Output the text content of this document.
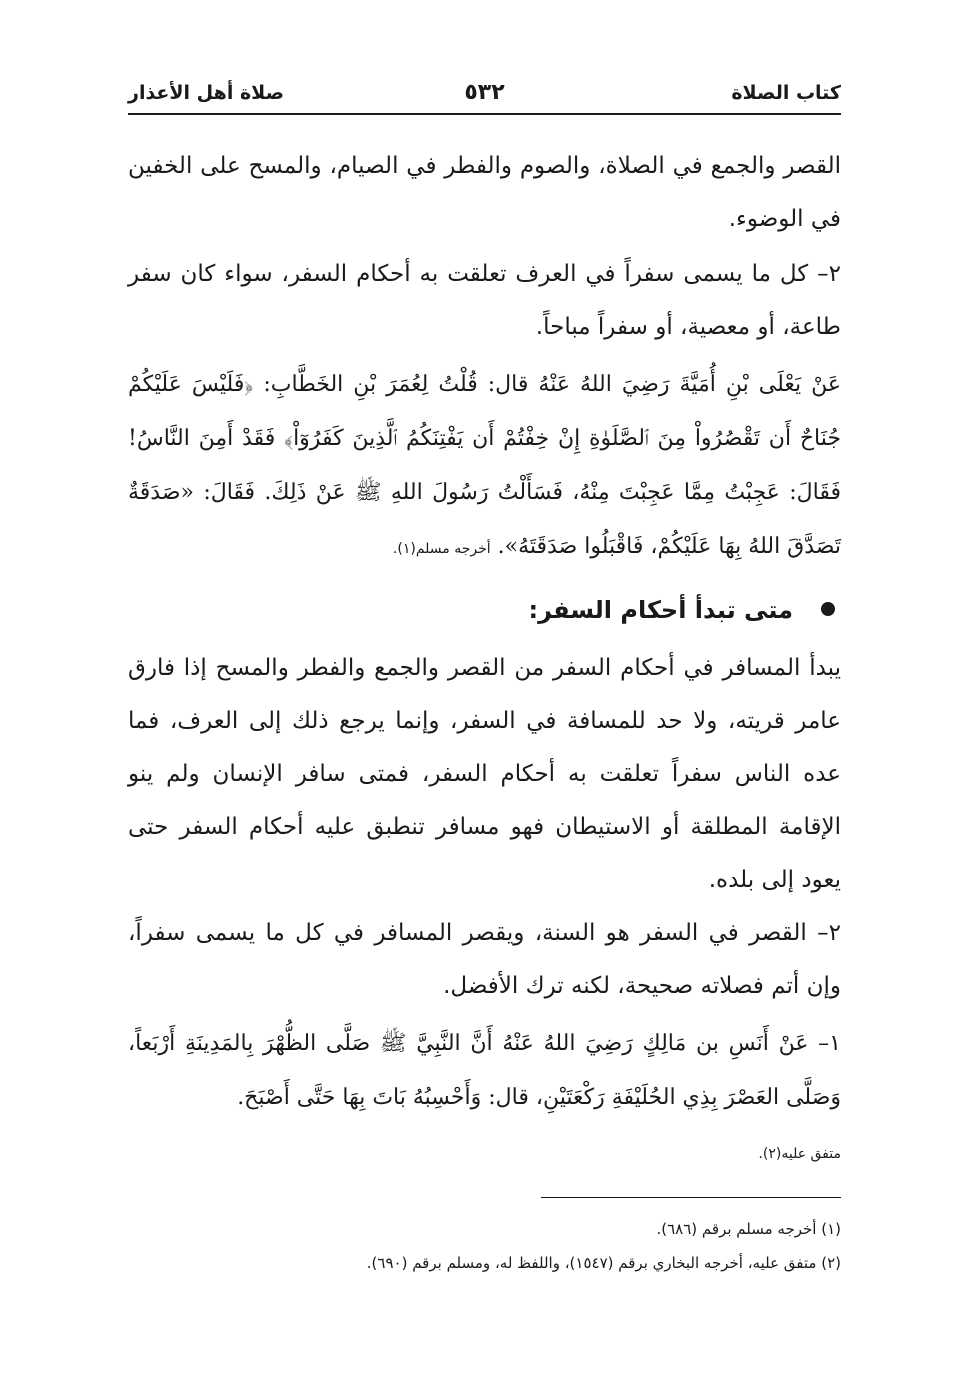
كتاب الصلاة
٥٣٢
صلاة أهل الأعذار

القصر والجمع في الصلاة، والصوم والفطر في الصيام، والمسح على الخفين في الوضوء.

٢– كل ما يسمى سفراً في العرف تعلقت به أحكام السفر، سواء كان سفر طاعة، أو معصية، أو سفراً مباحاً.

عَنْ يَعْلَى بْنِ أُمَيَّةَ رَضِيَ اللهُ عَنْهُ قال: قُلْتُ لِعُمَرَ بْنِ الخَطَّابِ: ﴿فَلَيْسَ عَلَيْكُمْ جُنَاحٌ أَن تَقْصُرُواْ مِنَ ٱلصَّلَوٰةِ إِنْ خِفْتُمْ أَن يَفْتِنَكُمُ ٱلَّذِينَ كَفَرُوٓاْ﴾ فَقَدْ أَمِنَ النَّاسُ! فَقَالَ: عَجِبْتُ مِمَّا عَجِبْتَ مِنْهُ، فَسَأَلْتُ رَسُولَ اللهِ ﷺ عَنْ ذَلِكَ. فَقَالَ: «صَدَقَةٌ تَصَدَّقَ اللهُ بِهَا عَلَيْكُمْ، فَاقْبَلُوا صَدَقَتَهُ». أخرجه مسلم(١).

متى تبدأ أحكام السفر:

يبدأ المسافر في أحكام السفر من القصر والجمع والفطر والمسح إذا فارق عامر قريته، ولا حد للمسافة في السفر، وإنما يرجع ذلك إلى العرف، فما عده الناس سفراً تعلقت به أحكام السفر، فمتى سافر الإنسان ولم ينو الإقامة المطلقة أو الاستيطان فهو مسافر تنطبق عليه أحكام السفر حتى يعود إلى بلده.

٢– القصر في السفر هو السنة، ويقصر المسافر في كل ما يسمى سفراً، وإن أتم فصلاته صحيحة، لكنه ترك الأفضل.

١– عَنْ أَنَسِ بن مَالِكٍ رَضِيَ اللهُ عَنْهُ أَنَّ النَّبِيَّ ﷺ صَلَّى الظُّهْرَ بِالمَدِينَةِ أَرْبَعاً، وَصَلَّى العَصْرَ بِذِي الحُلَيْفَةِ رَكْعَتَيْنِ، قال: وَأَحْسِبُهُ بَاتَ بِهَا حَتَّى أَصْبَحَ.
متفق عليه(٢).

(١) أخرجه مسلم برقم (٦٨٦).
(٢) متفق عليه، أخرجه البخاري برقم (١٥٤٧)، واللفظ له، ومسلم برقم (٦٩٠).
